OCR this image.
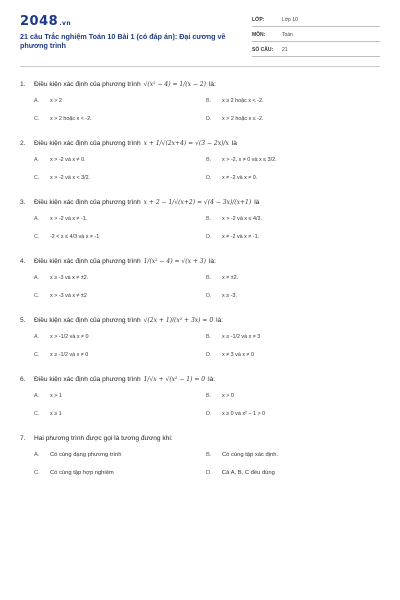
2048.vn
21 câu Trắc nghiệm Toán 10 Bài 1 (có đáp án): Đại cương về phương trình
LỚP:	Lớp 10
MÔN:	Toán
SỐ CÂU:	21
1.	Điều kiện xác định của phương trình √(x² − 4) = 1/(x − 2) là:
A.	x > 2	B.	x ≥ 2 hoặc x < -2.
C.	x > 2 hoặc x < -2.	D.	x > 2 hoặc x ≤ -2.
2.	Điều kiện xác định của phương trình x + 1/√(2x+4) = √(3 − 2x)/x là
A.	x > -2 và x ≠ 0.	B.	x > -2, x ≠ 0 và x ≤ 3/2.
C.	x > -2 và x < 3/2.	D.	x ≠ -2 và x ≠ 0.
3.	Điều kiện xác định của phương trình x + 2 − 1/√(x+2) = √(4 − 3x)/(x+1) là
A.	x > -2 và x ≠ -1.	B.	x > -2 và x ≤ 4/3.
C.	-2 < x ≤ 4/3 và x ≠ -1	D.	x ≠ -2 và x ≠ -1.
4.	Điều kiện xác định của phương trình 1/(x² − 4) = √(x + 3) là:
A.	x ≥ -3 và x ≠ ±2.	B.	x ≠ ±2.
C.	x > -3 và x ≠ ±2	D.	x ≥ -3.
5.	Điều kiện xác định của phương trình √(2x + 1)/(x² + 3x) = 0 là:
A.	x > -1/2 và x ≠ 0	B.	x ≥ -1/2 và x ≠ 3
C.	x ≥ -1/2 và x ≠ 0	D.	x ≠ 3 và x ≠ 0
6.	Điều kiện xác định của phương trình 1/√x + √(x² − 1) = 0 là:
A.	x > 1	B.	x > 0
C.	x ≥ 1	D.	x ≥ 0 và x² − 1 > 0
7.	Hai phương trình được gọi là tương đương khi:
A.	Có cùng dạng phương trình	B.	Có cùng tập xác định.
C.	Có cùng tập hợp nghiệm	D.	Cả A, B, C đều đúng
